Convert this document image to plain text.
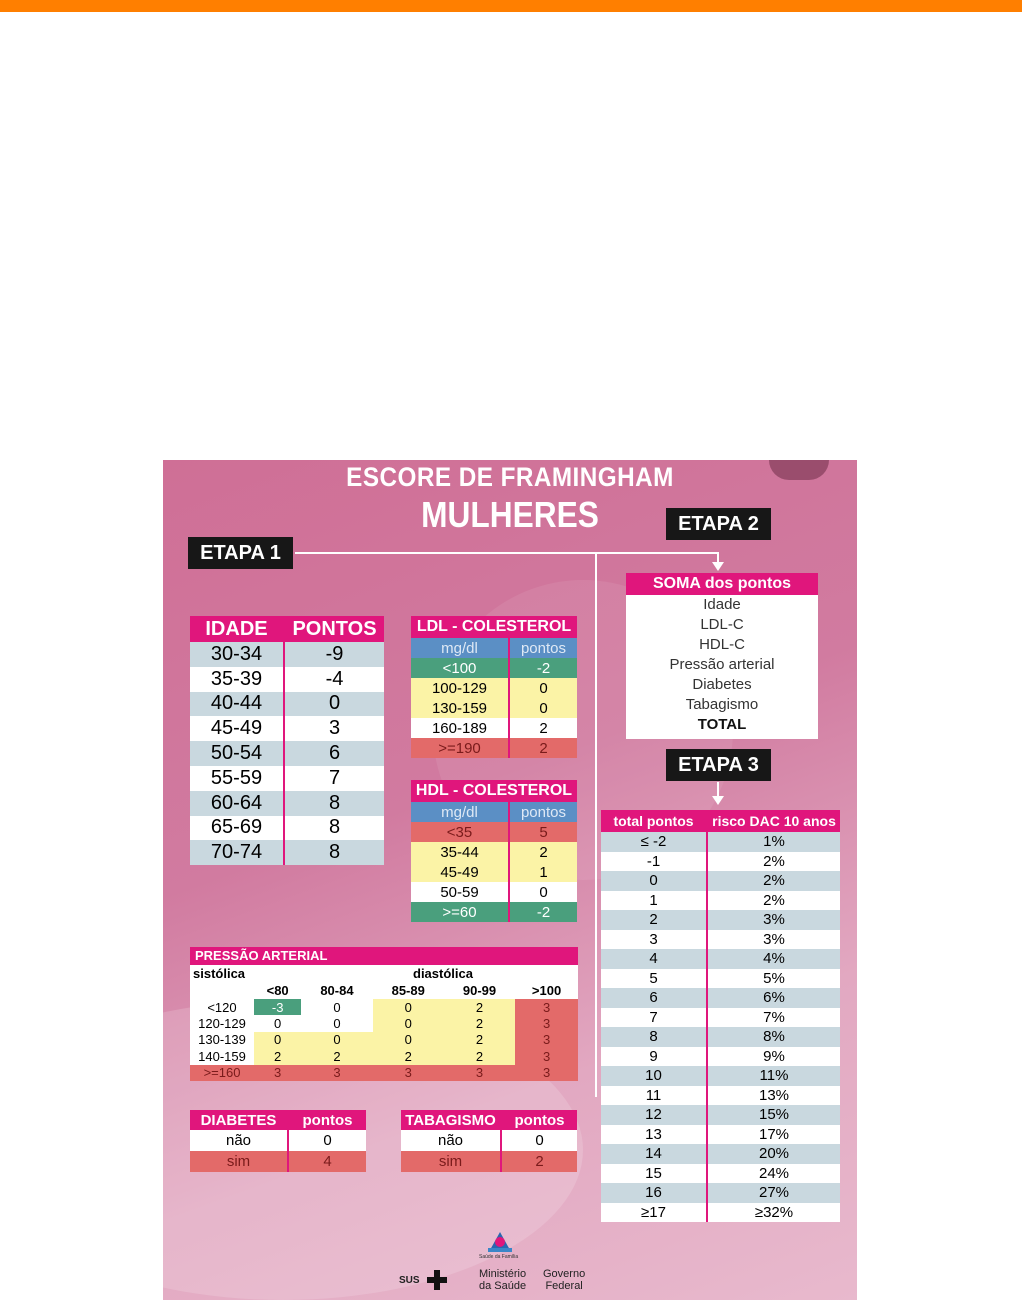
ESCORE DE FRAMINGHAM
MULHERES
ETAPA 1
ETAPA 2
ETAPA 3
IDADE	PONTOS
30-34	-9
35-39	-4
40-44	0
45-49	3
50-54	6
55-59	7
60-64	8
65-69	8
70-74	8
LDL - COLESTEROL	
mg/dl	pontos
<100	-2
100-129	0
130-159	0
160-189	2
>=190	2
HDL - COLESTEROL	
mg/dl	pontos
<35	5
35-44	2
45-49	1
50-59	0
>=60	-2
PRESSÃO ARTERIAL
sistólica	diastólica
	<80	80-84	85-89	90-99	>100
<120	-3	0	0	2	3
120-129	0	0	0	2	3
130-139	0	0	0	2	3
140-159	2	2	2	2	3
>=160	3	3	3	3	3
DIABETES	pontos
não	0
sim	4
TABAGISMO	pontos
não	0
sim	2
SOMA dos pontos
Idade
LDL-C
HDL-C
Pressão arterial
Diabetes
Tabagismo
TOTAL
total pontos	risco DAC 10 anos
≤ -2	1%
-1	2%
0	2%
1	2%
2	3%
3	3%
4	4%
5	5%
6	6%
7	7%
8	8%
9	9%
10	11%
11	13%
12	15%
13	17%
14	20%
15	24%
16	27%
≥17	≥32%
Saúde da Família
SUS
Ministério
da Saúde
Governo
Federal
